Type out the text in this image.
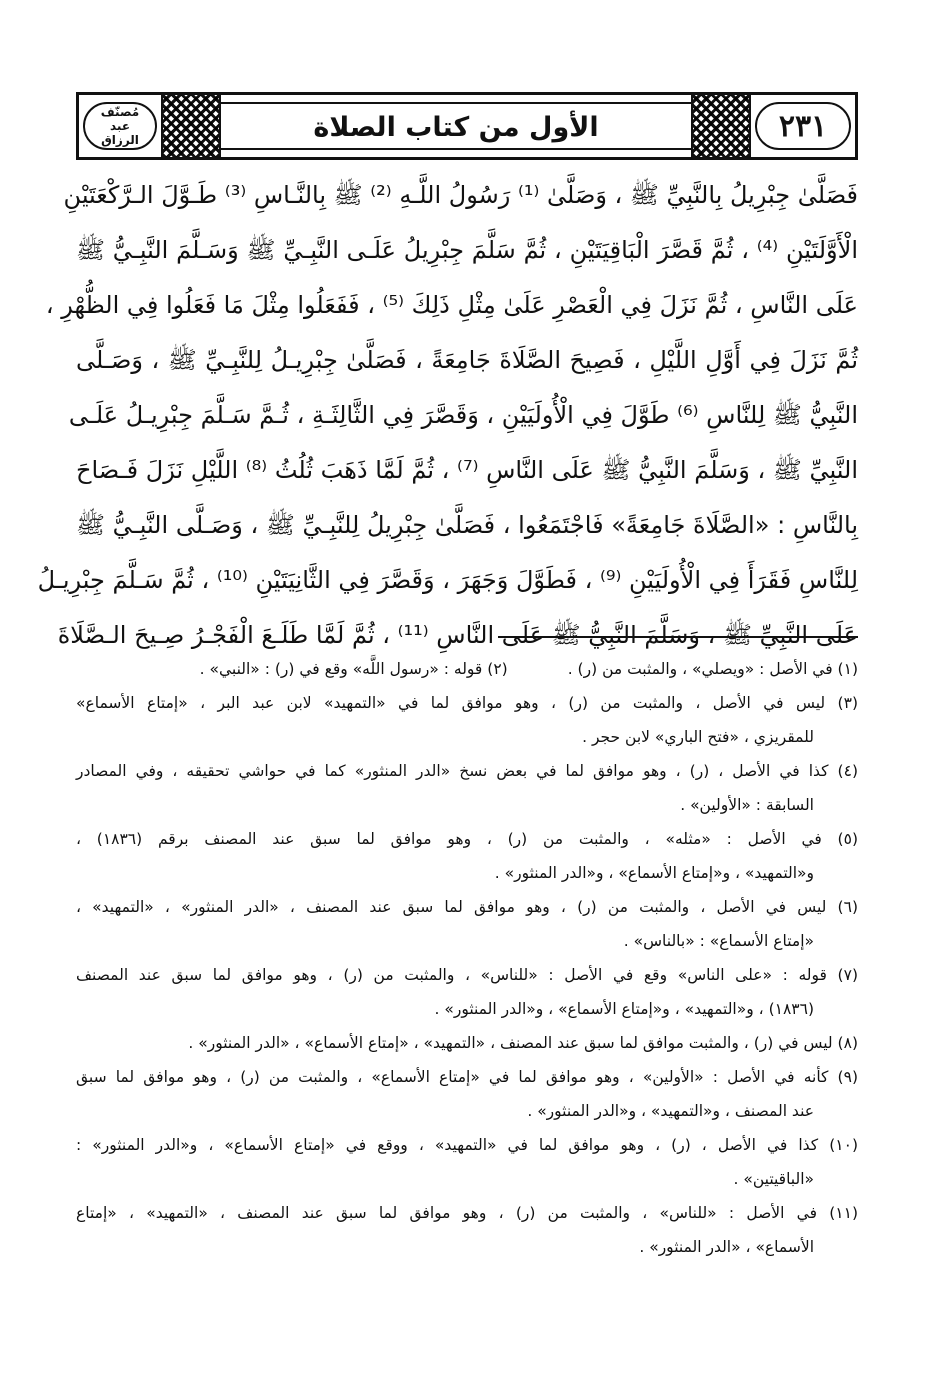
مُصنّف عبد الرزاق	الأول من كتاب الصلاة	٢٣١
فَصَلَّىٰ جِبْرِيلُ بِالنَّبِيِّ ﷺ ، وَصَلَّىٰ ⁽¹⁾ رَسُولُ اللَّـهِ ⁽²⁾ ﷺ بِالنَّـاسِ ⁽³⁾ طَـوَّلَ الـرَّكْعَتَيْنِ
الْأَوَّلَتَيْنِ ⁽⁴⁾ ، ثُمَّ قَصَّرَ الْبَاقِيَتَيْنِ ، ثُمَّ سَلَّمَ جِبْرِيلُ عَلَـى النَّبِـيِّ ﷺ وَسَـلَّمَ النَّبِـيُّ ﷺ
عَلَى النَّاسِ ، ثُمَّ نَزَلَ فِي الْعَصْرِ عَلَىٰ مِثْلِ ذَلِكَ ⁽⁵⁾ ، فَفَعَلُوا مِثْلَ مَا فَعَلُوا فِي الظُّهْرِ ،
ثُمَّ نَزَلَ فِي أَوَّلِ اللَّيْلِ ، فَصِيحَ الصَّلَاةَ جَامِعَةً ، فَصَلَّىٰ جِبْرِيـلُ لِلنَّبِـيِّ ﷺ ، وَصَـلَّى
النَّبِيُّ ﷺ لِلنَّاسِ ⁽⁶⁾ طَوَّلَ فِي الْأُولَيَيْنِ ، وَقَصَّرَ فِي الثَّالِثَـةِ ، ثُـمَّ سَـلَّمَ جِبْرِيـلُ عَلَـى
النَّبِيِّ ﷺ ، وَسَلَّمَ النَّبِيُّ ﷺ عَلَى النَّاسِ ⁽⁷⁾ ، ثُمَّ لَمَّا ذَهَبَ ثُلُثُ ⁽⁸⁾ اللَّيْلِ نَزَلَ فَـصَاحَ
بِالنَّاسِ : «الصَّلَاةَ جَامِعَةً» فَاجْتَمَعُوا ، فَصَلَّىٰ جِبْرِيلُ لِلنَّبِـيِّ ﷺ ، وَصَـلَّى النَّبِـيُّ ﷺ
لِلنَّاسِ فَقَرَأَ فِي الْأُولَيَيْنِ ⁽⁹⁾ ، فَطَوَّلَ وَجَهَرَ ، وَقَصَّرَ فِي الثَّانِيَتَيْنِ ⁽¹⁰⁾ ، ثُمَّ سَـلَّمَ جِبْرِيـلُ
عَلَى النَّبِيِّ ﷺ ، وَسَلَّمَ النَّبِيُّ ﷺ عَلَى النَّاسِ ⁽¹¹⁾ ، ثُمَّ لَمَّا طَلَـعَ الْفَجْـرُ صِـيحَ الـصَّلَاةَ
(١) في الأصل : «ويصلي» ، والمثبت من (ر) .
(٢) قوله : «رسول اللَّه» وقع في (ر) : «النبي» .
(٣) ليس في الأصل ، والمثبت من (ر) ، وهو موافق لما في «التمهيد» لابن عبد البر ، «إمتاع الأسماع»
للمقريزي ، «فتح الباري» لابن حجر .
(٤) كذا في الأصل ، (ر) ، وهو موافق لما في بعض نسخ «الدر المنثور» كما في حواشي تحقيقه ، وفي المصادر
السابقة : «الأولين» .
(٥) في الأصل : «مثله» ، والمثبت من (ر) ، وهو موافق لما سبق عند المصنف برقم (١٨٣٦) ،
و«التمهيد» ، و«إمتاع الأسماع» ، و«الدر المنثور» .
(٦) ليس في الأصل ، والمثبت من (ر) ، وهو موافق لما سبق عند المصنف ، «الدر المنثور» ، «التمهيد» ،
«إمتاع الأسماع» : «بالناس» .
(٧) قوله : «على الناس» وقع في الأصل : «للناس» ، والمثبت من (ر) ، وهو موافق لما سبق عند المصنف
(١٨٣٦) ، و«التمهيد» ، و«إمتاع الأسماع» ، و«الدر المنثور» .
(٨) ليس في (ر) ، والمثبت موافق لما سبق عند المصنف ، «التمهيد» ، «إمتاع الأسماع» ، «الدر المنثور» .
(٩) كأنه في الأصل : «الأولين» ، وهو موافق لما في «إمتاع الأسماع» ، والمثبت من (ر) ، وهو موافق لما سبق
عند المصنف ، و«التمهيد» ، و«الدر المنثور» .
(١٠) كذا في الأصل ، (ر) ، وهو موافق لما في «التمهيد» ، ووقع في «إمتاع الأسماع» ، و«الدر المنثور» :
«الباقيتين» .
(١١) في الأصل : «للناس» ، والمثبت من (ر) ، وهو موافق لما سبق عند المصنف ، «التمهيد» ، «إمتاع
الأسماع» ، «الدر المنثور» .
